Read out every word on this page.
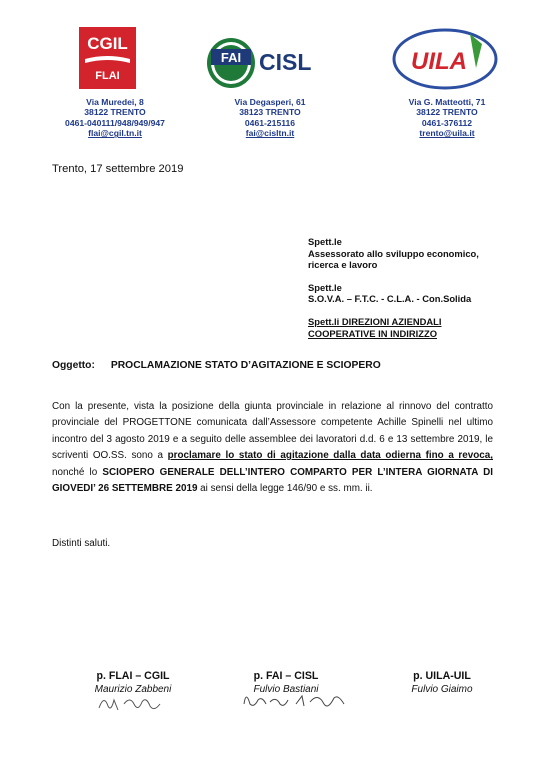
CGIL
FLAI
FAI CISL	UILA
Via Muredei, 8
38122 TRENTO
0461-040111/948/949/947
flai@cgil.tn.it
Via Degasperi, 61
38123 TRENTO
0461-215116
fai@cisltn.it
Via G. Matteotti, 71
38122 TRENTO
0461-376112
trento@uila.it
Trento, 17 settembre 2019

Spett.le
Assessorato allo sviluppo economico,
ricerca e lavoro

Spett.le
S.O.V.A. – F.T.C. - C.L.A. - Con.Solida

Spett.li DIREZIONI AZIENDALI
COOPERATIVE IN INDIRIZZO

Oggetto: PROCLAMAZIONE STATO D’AGITAZIONE E SCIOPERO
Con la presente, vista la posizione della giunta provinciale in relazione al rinnovo del contratto provinciale del PROGETTONE comunicata dall’Assessore competente Achille Spinelli nel ultimo incontro del 3 agosto 2019 e a seguito delle assemblee dei lavoratori d.d. 6 e 13 settembre 2019, le scriventi OO.SS. sono a proclamare lo stato di agitazione dalla data odierna fino a revoca, nonché lo SCIOPERO GENERALE DELL’INTERO COMPARTO PER L’INTERA GIORNATA DI GIOVEDI’ 26 SETTEMBRE 2019 ai sensi della legge 146/90 e ss. mm. ii.
Distinti saluti.
p. FLAI – CGIL
Maurizio Zabbeni
p. FAI – CISL
Fulvio Bastiani
p. UILA-UIL
Fulvio Giaimo
